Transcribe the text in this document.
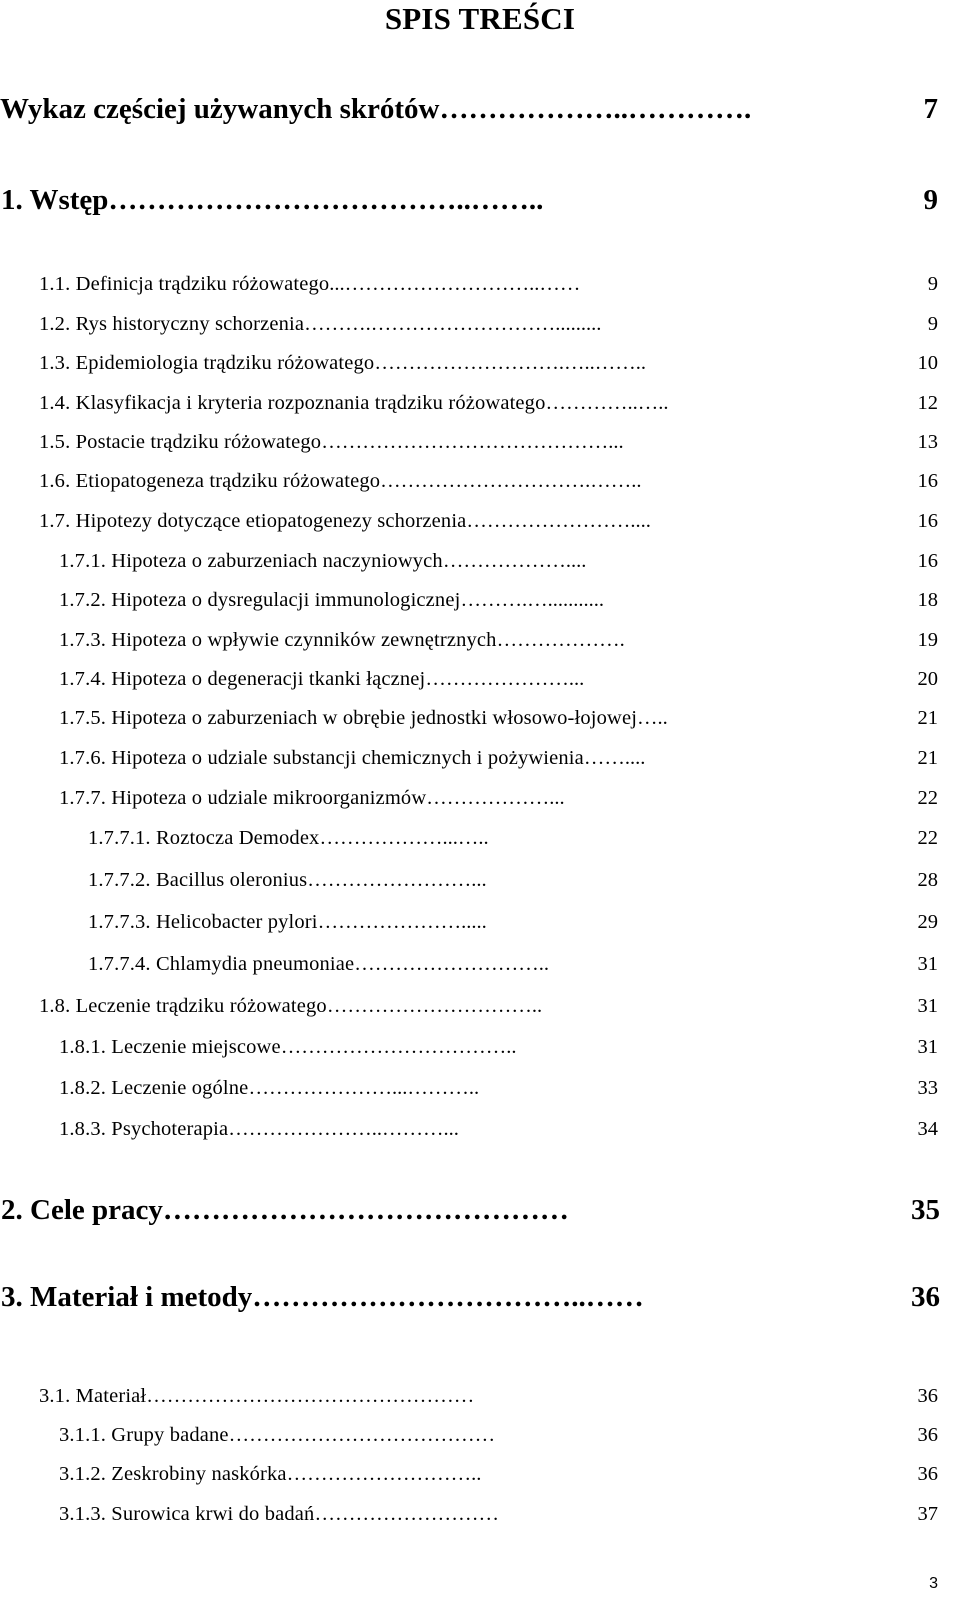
SPIS TREŚCI
Wykaz częściej używanych skrótów ………………..………….	7
1. Wstęp ………………………………..……..	9
1.1. Definicja trądziku różowatego ...………………………..……	9
1.2. Rys historyczny schorzenia ……….……………………….........	9
1.3. Epidemiologia trądziku różowatego ……………………….…..……..	10
1.4. Klasyfikacja i kryteria rozpoznania trądziku różowatego …………..…..	12
1.5. Postacie trądziku różowatego ……………………………………...	13
1.6. Etiopatogeneza trądziku różowatego ………………………….……..	16
1.7. Hipotezy dotyczące etiopatogenezy schorzenia ……………………....	16
1.7.1. Hipoteza o zaburzeniach naczyniowych ………………....	16
1.7.2. Hipoteza o dysregulacji immunologicznej ……….…...........	18
1.7.3. Hipoteza o wpływie czynników zewnętrznych ……………….	19
1.7.4. Hipoteza o degeneracji tkanki łącznej …………………...	20
1.7.5. Hipoteza o zaburzeniach w obrębie jednostki włosowo-łojowej …..	21
1.7.6. Hipoteza o udziale substancji chemicznych i pożywienia ……....	21
1.7.7. Hipoteza o udziale mikroorganizmów ………………...	22
1.7.7.1. Roztocza Demodex ………………...…..	22
1.7.7.2. Bacillus oleronius ……………………...	28
1.7.7.3. Helicobacter pylori ………………….....	29
1.7.7.4. Chlamydia pneumoniae ………………………..	31
1.8. Leczenie trądziku różowatego …………………………..	31
1.8.1. Leczenie miejscowe ……………………………..	31
1.8.2. Leczenie ogólne …………………...………..	33
1.8.3. Psychoterapia …………………..………...	34
2. Cele pracy ……………………………………	35
3. Materiał i metody ……………………………..……	36
3.1. Materiał …………………………………………	36
3.1.1. Grupy badane …………………………………	36
3.1.2. Zeskrobiny naskórka ………………………..	36
3.1.3. Surowica krwi do badań ………………………	37
3
